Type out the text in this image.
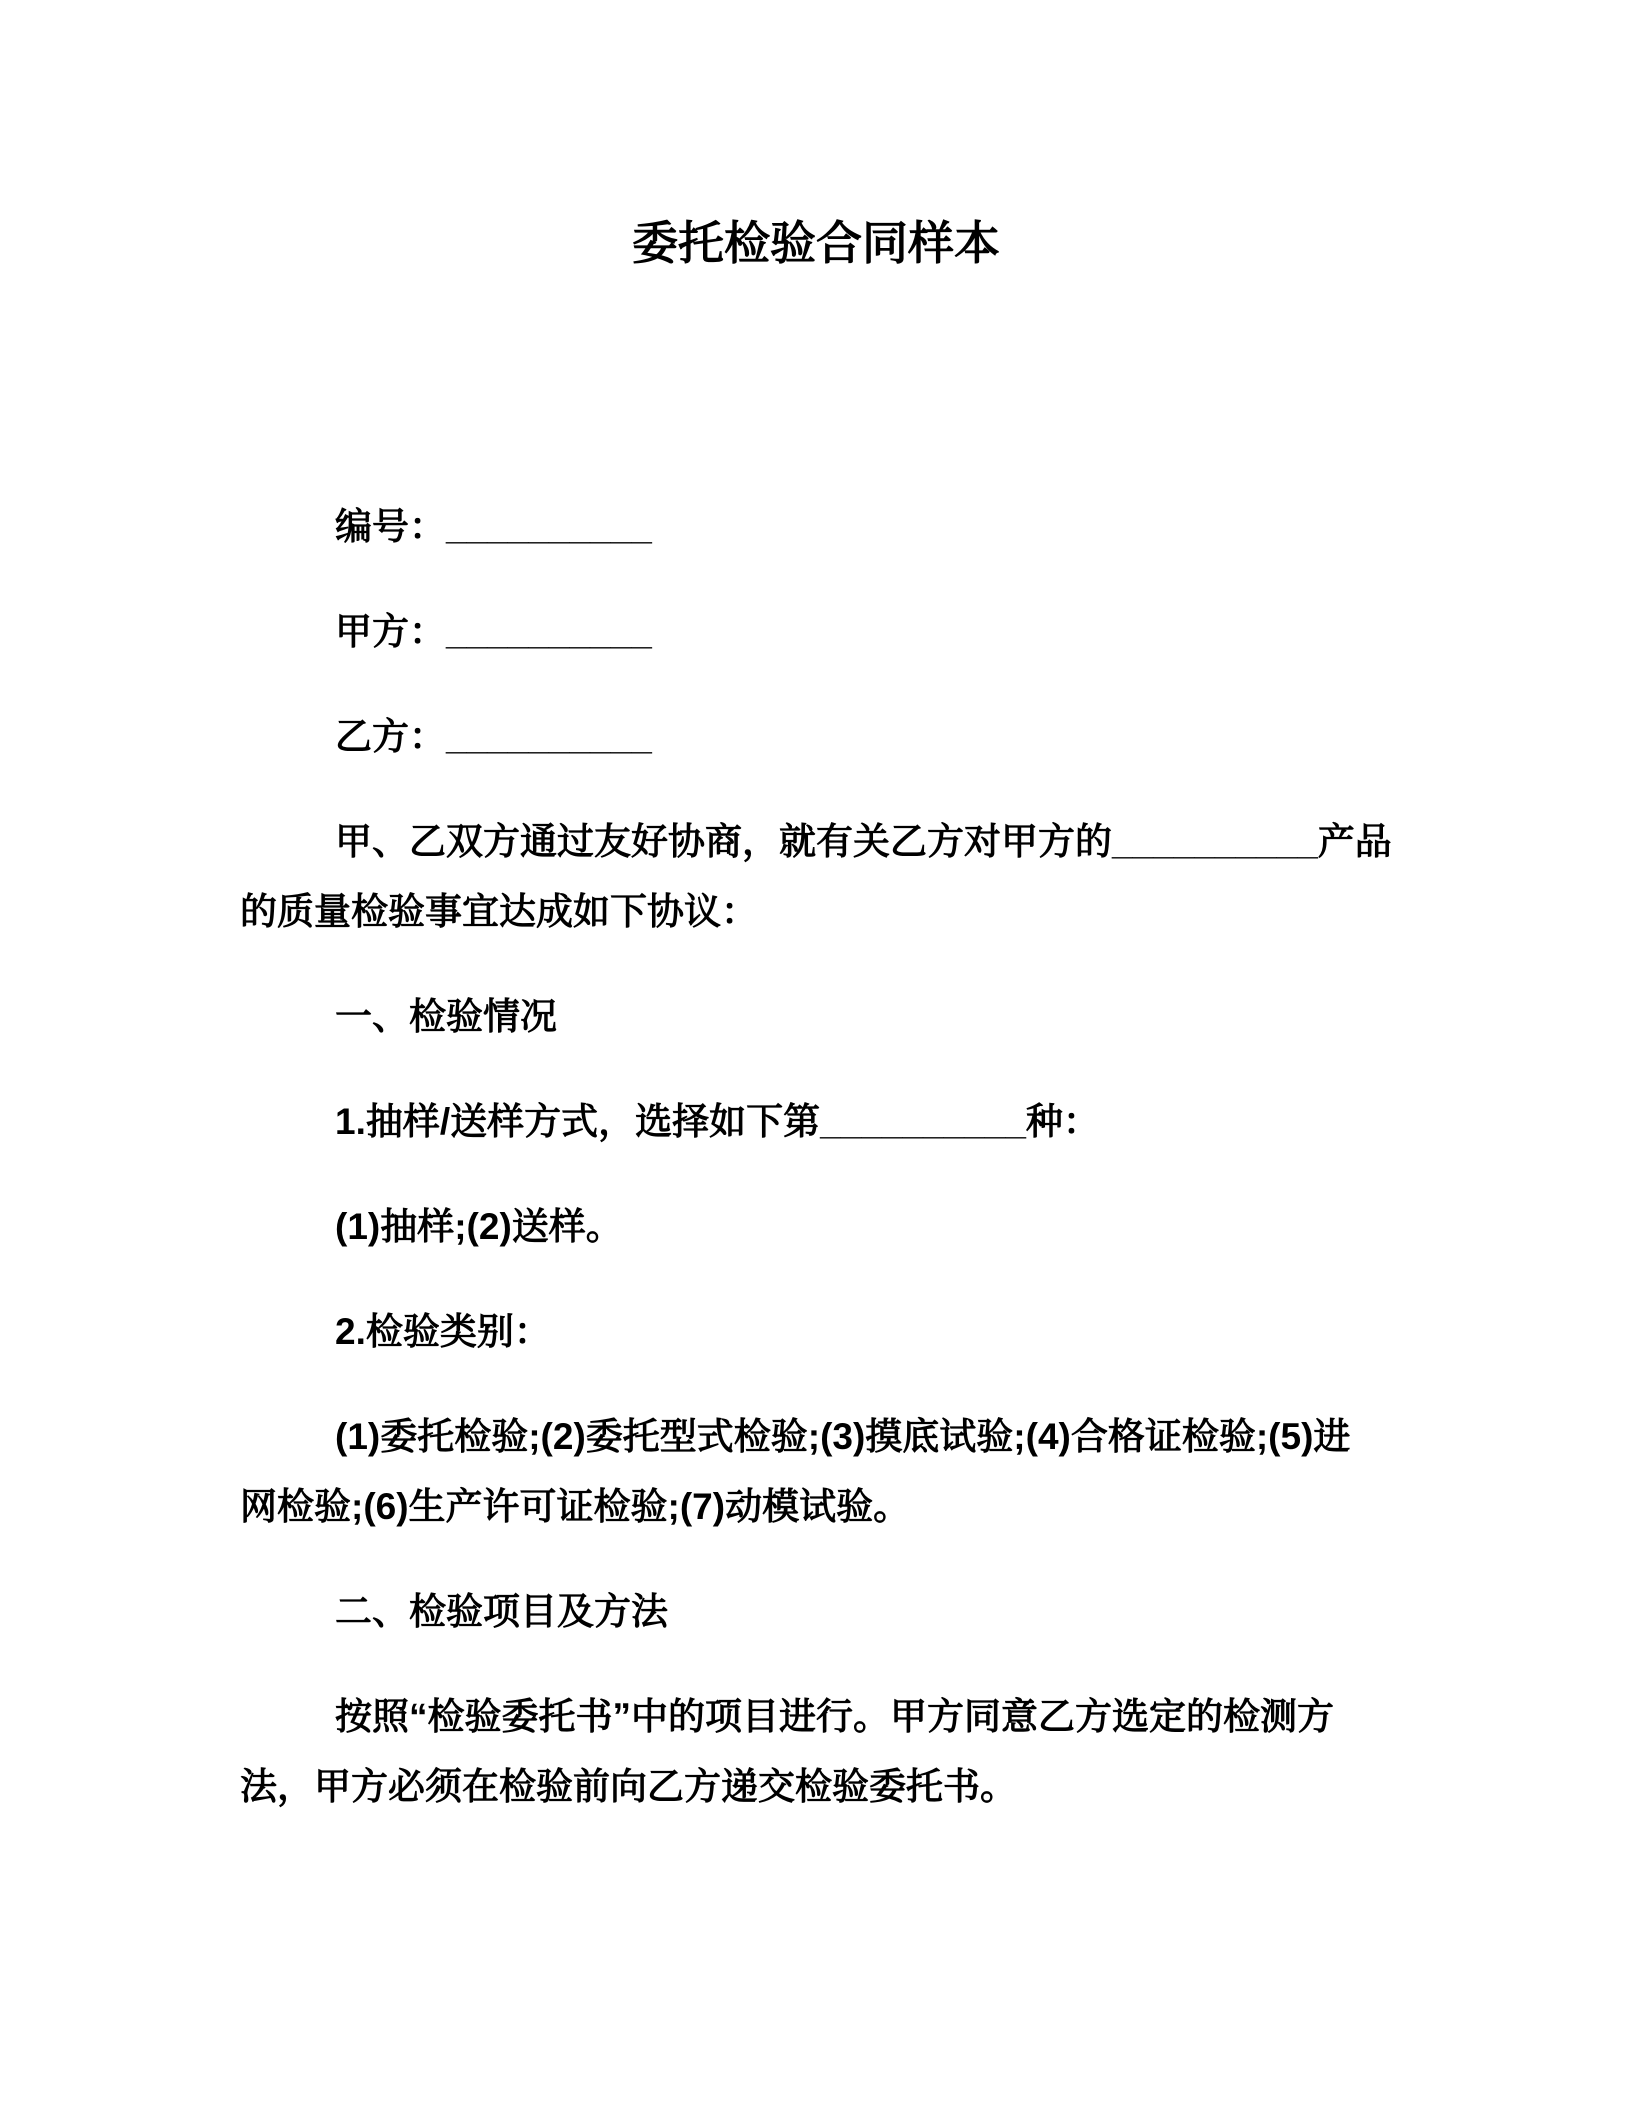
委托检验合同样本
编号：__________
甲方：__________
乙方：__________
甲、乙双方通过友好协商，就有关乙方对甲方的__________产品
的质量检验事宜达成如下协议：
一、检验情况
1.抽样/送样方式，选择如下第__________种：
(1)抽样;(2)送样。
2.检验类别：
(1)委托检验;(2)委托型式检验;(3)摸底试验;(4)合格证检验;(5)进
网检验;(6)生产许可证检验;(7)动模试验。
二、检验项目及方法
按照“检验委托书”中的项目进行。甲方同意乙方选定的检测方
法，甲方必须在检验前向乙方递交检验委托书。
